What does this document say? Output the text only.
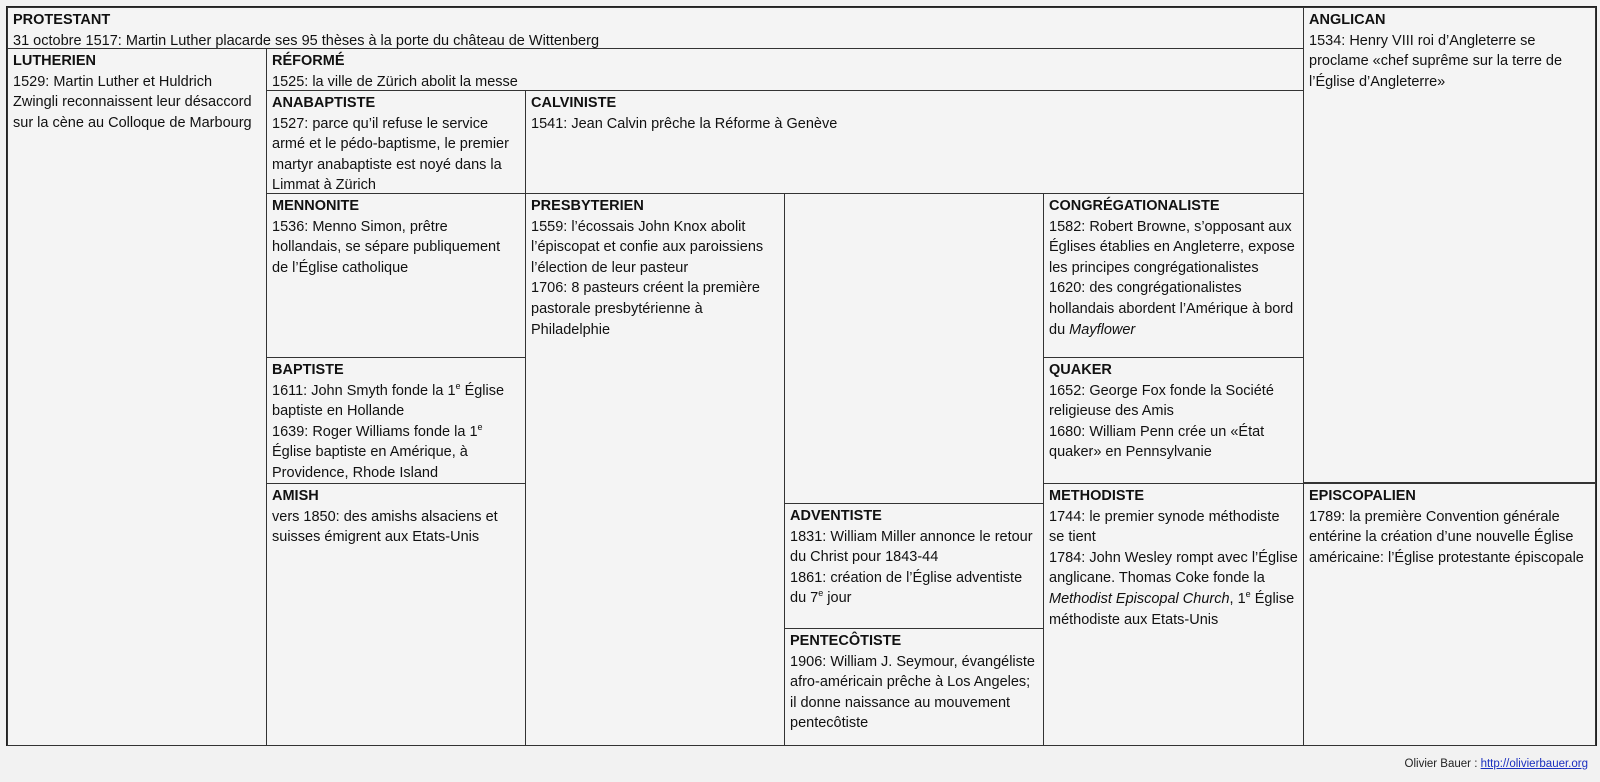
PROTESTANT

31 octobre 1517: Martin Luther placarde ses 95 thèses à la porte du château de Wittenberg

ANGLICAN

1534: Henry VIII roi d’Angleterre se proclame «chef suprême sur la terre de l’Église d’Angleterre»

LUTHERIEN

1529: Martin Luther et Huldrich Zwingli reconnaissent leur désaccord sur la cène au Colloque de Marbourg

RÉFORMÉ

1525: la ville de Zürich abolit la messe

ANABAPTISTE

1527: parce qu’il refuse le service armé et le pédo-baptisme, le premier martyr anabaptiste est noyé dans la Limmat à Zürich

CALVINISTE

1541: Jean Calvin prêche la Réforme à Genève

MENNONITE

1536: Menno Simon, prêtre hollandais, se sépare publiquement de l’Église catholique

PRESBYTERIEN

1559: l’écossais John Knox abolit l’épiscopat et confie aux paroissiens l’élection de leur pasteur

1706: 8 pasteurs créent la première pastorale presbytérienne à Philadelphie

CONGRÉGATIONALISTE

1582: Robert Browne, s’opposant aux Églises établies en Angleterre, expose les principes congrégationalistes

1620: des congrégationalistes hollandais abordent l’Amérique à bord du Mayflower

BAPTISTE

1611: John Smyth fonde la 1e Église baptiste en Hollande

1639: Roger Williams fonde la 1e Église baptiste en Amérique, à Providence, Rhode Island

QUAKER

1652: George Fox fonde la Société religieuse des Amis

1680: William Penn crée un «État quaker» en Pennsylvanie

AMISH

vers 1850: des amishs alsaciens et suisses émigrent aux Etats-Unis

ADVENTISTE

1831: William Miller annonce le retour du Christ pour 1843-44

1861: création de l’Église adventiste du 7e jour

METHODISTE

1744: le premier synode méthodiste se tient

1784: John Wesley rompt avec l’Église anglicane. Thomas Coke fonde la Methodist Episcopal Church, 1e Église méthodiste aux Etats-Unis

EPISCOPALIEN

1789: la première Convention générale entérine la création d’une nouvelle Église américaine: l’Église protestante épiscopale

PENTECÔTISTE

1906: William J. Seymour, évangéliste afro-américain prêche à Los Angeles; il donne naissance au mouvement pentecôtiste

Olivier Bauer : http://olivierbauer.org
